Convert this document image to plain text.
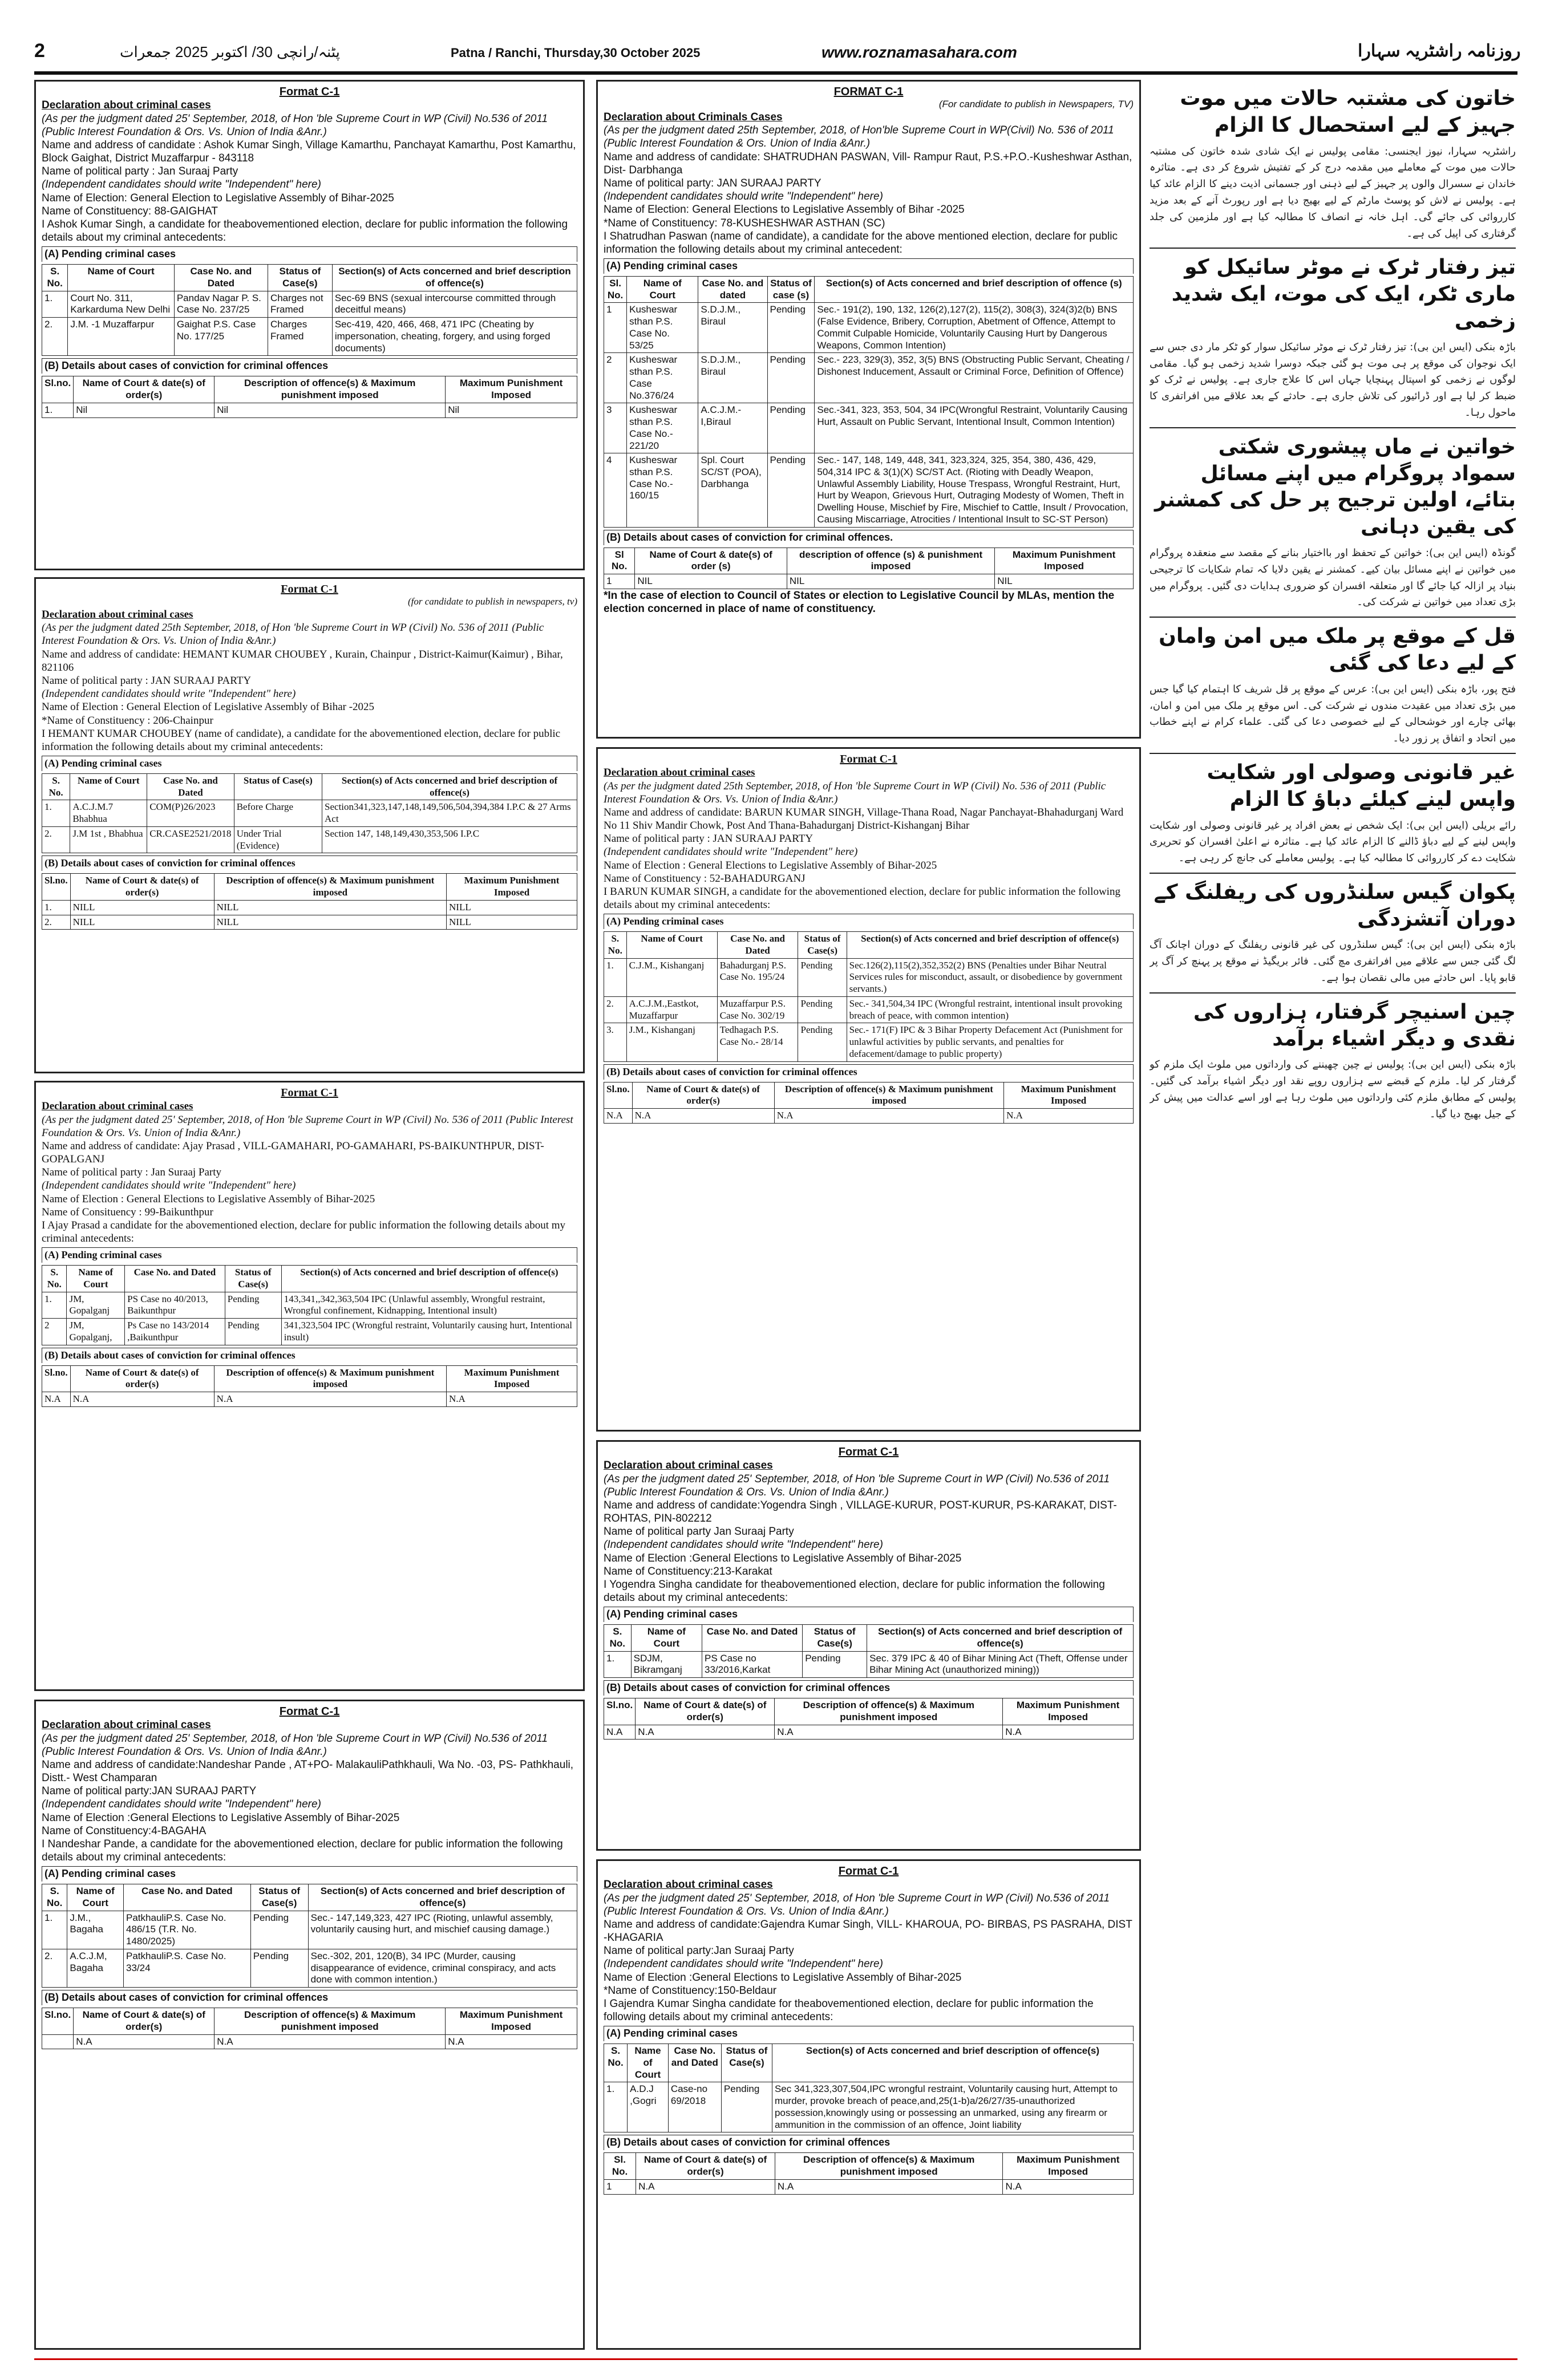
2	پٹنہ/رانچی 30/ اکتوبر 2025 جمعرات	Patna / Ranchi, Thursday,30 October 2025	www.roznamasahara.com	روزنامہ راشٹریہ سہارا
Format C-1

Declaration about criminal cases

(As per the judgment dated 25' September, 2018, of Hon 'ble Supreme Court in WP (Civil) No.536 of 2011 (Public Interest Foundation & Ors. Vs. Union of India &Anr.)

Name and address of candidate : Ashok Kumar Singh, Village Kamarthu, Panchayat Kamarthu, Post Kamarthu, Block Gaighat, District Muzaffarpur - 843118

Name of political party : Jan Suraaj Party

(Independent candidates should write "Independent" here)

Name of Election: General Election to Legislative Assembly of Bihar-2025

Name of Constituency: 88-GAIGHAT

I Ashok Kumar Singh, a candidate for theabovementioned election, declare for public information the following details about my criminal antecedents:

(A) Pending criminal cases
S. No.	Name of Court	Case No. and Dated	Status of Case(s)	Section(s) of Acts concerned and brief description of offence(s)
1.	Court No. 311, Karkarduma New Delhi	Pandav Nagar P. S. Case No. 237/25	Charges not Framed	Sec-69 BNS (sexual intercourse committed through deceitful means)
2.	J.M. -1 Muzaffarpur	Gaighat P.S. Case No. 177/25	Charges Framed	Sec-419, 420, 466, 468, 471 IPC (Cheating by impersonation, cheating, forgery, and using forged documents)
(B) Details about cases of conviction for criminal offences
Sl.no.	Name of Court & date(s) of order(s)	Description of offence(s) & Maximum punishment imposed	Maximum Punishment Imposed
1.	Nil	Nil	Nil
Format C-1
(for candidate to publish in newspapers, tv)

Declaration about criminal cases

(As per the judgment dated 25th September, 2018, of Hon 'ble Supreme Court in WP (Civil) No. 536 of 2011 (Public Interest Foundation & Ors. Vs. Union of India &Anr.)

Name and address of candidate: HEMANT KUMAR CHOUBEY , Kurain, Chainpur , District-Kaimur(Kaimur) , Bihar, 821106

Name of political party : JAN SURAAJ PARTY

(Independent candidates should write "Independent" here)

Name of Election : General Election of Legislative Assembly of Bihar -2025

*Name of Constituency : 206-Chainpur

I HEMANT KUMAR CHOUBEY (name of candidate), a candidate for the abovementioned election, declare for public information the following details about my criminal antecedents:

(A) Pending criminal cases
S. No.	Name of Court	Case No. and Dated	Status of Case(s)	Section(s) of Acts concerned and brief description of offence(s)
1.	A.C.J.M.7 Bhabhua	COM(P)26/2023	Before Charge	Section341,323,147,148,149,506,504,394,384 I.P.C & 27 Arms Act
2.	J.M 1st , Bhabhua	CR.CASE2521/2018	Under Trial (Evidence)	Section 147, 148,149,430,353,506 I.P.C
(B) Details about cases of conviction for criminal offences
Sl.no.	Name of Court & date(s) of order(s)	Description of offence(s) & Maximum punishment imposed	Maximum Punishment Imposed
1.	NILL	NILL	NILL
2.	NILL	NILL	NILL
Format C-1

Declaration about criminal cases

(As per the judgment dated 25' September, 2018, of Hon 'ble Supreme Court in WP (Civil) No. 536 of 2011 (Public Interest Foundation & Ors. Vs. Union of India &Anr.)

Name and address of candidate: Ajay Prasad , VILL-GAMAHARI, PO-GAMAHARI, PS-BAIKUNTHPUR, DIST-GOPALGANJ

Name of political party : Jan Suraaj Party

(Independent candidates should write "Independent" here)

Name of Election : General Elections to Legislative Assembly of Bihar-2025

Name of Consituency : 99-Baikunthpur

I Ajay Prasad a candidate for the abovementioned election, declare for public information the following details about my criminal antecedents:

(A) Pending criminal cases
S. No.	Name of Court	Case No. and Dated	Status of Case(s)	Section(s) of Acts concerned and brief description of offence(s)
1.	JM, Gopalganj	PS Case no 40/2013, Baikunthpur	Pending	143,341,,342,363,504 IPC (Unlawful assembly, Wrongful restraint, Wrongful confinement, Kidnapping, Intentional insult)
2	JM, Gopalganj,	Ps Case no 143/2014 ,Baikunthpur	Pending	341,323,504 IPC (Wrongful restraint, Voluntarily causing hurt, Intentional insult)
(B) Details about cases of conviction for criminal offences
Sl.no.	Name of Court & date(s) of order(s)	Description of offence(s) & Maximum punishment imposed	Maximum Punishment Imposed
N.A	N.A	N.A	N.A
Format C-1

Declaration about criminal cases

(As per the judgment dated 25' September, 2018, of Hon 'ble Supreme Court in WP (Civil) No.536 of 2011 (Public Interest Foundation & Ors. Vs. Union of India &Anr.)

Name and address of candidate:Nandeshar Pande , AT+PO- MalakauliPathkhauli, Wa No. -03, PS- Pathkhauli, Distt.- West Champaran

Name of political party:JAN SURAAJ PARTY

(Independent candidates should write "Independent" here)

Name of Election :General Elections to Legislative Assembly of Bihar-2025

Name of Constituency:4-BAGAHA

I Nandeshar Pande, a candidate for the abovementioned election, declare for public information the following details about my criminal antecedents:

(A) Pending criminal cases
S. No.	Name of Court	Case No. and Dated	Status of Case(s)	Section(s) of Acts concerned and brief description of offence(s)
1.	J.M., Bagaha	PatkhauliP.S. Case No. 486/15 (T.R. No. 1480/2025)	Pending	Sec.- 147,149,323, 427 IPC (Rioting, unlawful assembly, voluntarily causing hurt, and mischief causing damage.)
2.	A.C.J.M, Bagaha	PatkhauliP.S. Case No. 33/24	Pending	Sec.-302, 201, 120(B), 34 IPC (Murder, causing disappearance of evidence, criminal conspiracy, and acts done with common intention.)
(B) Details about cases of conviction for criminal offences
Sl.no.	Name of Court & date(s) of order(s)	Description of offence(s) & Maximum punishment imposed	Maximum Punishment Imposed
	N.A	N.A	N.A
FORMAT C-1
(For candidate to publish in Newspapers, TV)

Declaration about Criminals Cases

(As per the judgment dated 25th September, 2018, of Hon'ble Supreme Court in WP(Civil) No. 536 of 2011 (Public Interest Foundation & Ors. Union of India &Anr.)

Name and address of candidate: SHATRUDHAN PASWAN, Vill- Rampur Raut, P.S.+P.O.-Kusheshwar Asthan, Dist- Darbhanga

Name of political party: JAN SURAAJ PARTY

(Independent candidates should write "Independent" here)

Name of Election: General Elections to Legislative Assembly of Bihar -2025

*Name of Constituency: 78-KUSHESHWAR ASTHAN (SC)

I Shatrudhan Paswan (name of candidate), a candidate for the above mentioned election, declare for public information the following details about my criminal antecedent:

(A) Pending criminal cases
Sl. No.	Name of Court	Case No. and dated	Status of case (s)	Section(s) of Acts concerned and brief description of offence (s)
1	Kusheswar sthan P.S. Case No. 53/25	S.D.J.M., Biraul	Pending	Sec.- 191(2), 190, 132, 126(2),127(2), 115(2), 308(3), 324(3)2(b) BNS (False Evidence, Bribery, Corruption, Abetment of Offence, Attempt to Commit Culpable Homicide, Voluntarily Causing Hurt by Dangerous Weapons, Common Intention)
2	Kusheswar sthan P.S. Case No.376/24	S.D.J.M., Biraul	Pending	Sec.- 223, 329(3), 352, 3(5) BNS (Obstructing Public Servant, Cheating / Dishonest Inducement, Assault or Criminal Force, Definition of Offence)
3	Kusheswar sthan P.S. Case No.- 221/20	A.C.J.M.- I,Biraul	Pending	Sec.-341, 323, 353, 504, 34 IPC(Wrongful Restraint, Voluntarily Causing Hurt, Assault on Public Servant, Intentional Insult, Common Intention)
4	Kusheswar sthan P.S. Case No.- 160/15	Spl. Court SC/ST (POA), Darbhanga	Pending	Sec.- 147, 148, 149, 448, 341, 323,324, 325, 354, 380, 436, 429, 504,314 IPC & 3(1)(X) SC/ST Act. (Rioting with Deadly Weapon, Unlawful Assembly Liability, House Trespass, Wrongful Restraint, Hurt, Hurt by Weapon, Grievous Hurt, Outraging Modesty of Women, Theft in Dwelling House, Mischief by Fire, Mischief to Cattle, Insult / Provocation, Causing Miscarriage, Atrocities / Intentional Insult to SC-ST Person)
(B) Details about cases of conviction for criminal offences.
Sl No.	Name of Court & date(s) of order (s)	description of offence (s) & punishment imposed	Maximum Punishment Imposed
1	NIL	NIL	NIL

*In the case of election to Council of States or election to Legislative Council by MLAs, mention the election concerned in place of name of constituency.

Format C-1

Declaration about criminal cases

(As per the judgment dated 25th September, 2018, of Hon 'ble Supreme Court in WP (Civil) No. 536 of 2011 (Public Interest Foundation & Ors. Vs. Union of India &Anr.)

Name and address of candidate: BARUN KUMAR SINGH, Village-Thana Road, Nagar Panchayat-Bhahadurganj Ward No 11 Shiv Mandir Chowk, Post And Thana-Bahadurganj District-Kishanganj Bihar

Name of political party : JAN SURAAJ PARTY

(Independent candidates should write "Independent" here)

Name of Election : General Elections to Legislative Assembly of Bihar-2025

Name of Constituency : 52-BAHADURGANJ

I BARUN KUMAR SINGH, a candidate for the abovementioned election, declare for public information the following details about my criminal antecedents:

(A) Pending criminal cases
S. No.	Name of Court	Case No. and Dated	Status of Case(s)	Section(s) of Acts concerned and brief description of offence(s)
1.	C.J.M., Kishanganj	Bahadurganj P.S. Case No. 195/24	Pending	Sec.126(2),115(2),352,352(2) BNS (Penalties under Bihar Neutral Services rules for misconduct, assault, or disobedience by government servants.)
2.	A.C.J.M.,Eastkot, Muzaffarpur	Muzaffarpur P.S. Case No. 302/19	Pending	Sec.- 341,504,34 IPC (Wrongful restraint, intentional insult provoking breach of peace, with common intention)
3.	J.M., Kishanganj	Tedhagach P.S. Case No.- 28/14	Pending	Sec.- 171(F) IPC & 3 Bihar Property Defacement Act (Punishment for unlawful activities by public servants, and penalties for defacement/damage to public property)
(B) Details about cases of conviction for criminal offences
Sl.no.	Name of Court & date(s) of order(s)	Description of offence(s) & Maximum punishment imposed	Maximum Punishment Imposed
N.A	N.A	N.A	N.A
Format C-1

Declaration about criminal cases

(As per the judgment dated 25' September, 2018, of Hon 'ble Supreme Court in WP (Civil) No.536 of 2011 (Public Interest Foundation & Ors. Vs. Union of India &Anr.)

Name and address of candidate:Yogendra Singh , VILLAGE-KURUR, POST-KURUR, PS-KARAKAT, DIST-ROHTAS, PIN-802212

Name of political party Jan Suraaj Party

(Independent candidates should write "Independent" here)

Name of Election :General Elections to Legislative Assembly of Bihar-2025

Name of Constituency:213-Karakat

I Yogendra Singha candidate for theabovementioned election, declare for public information the following details about my criminal antecedents:

(A) Pending criminal cases
S. No.	Name of Court	Case No. and Dated	Status of Case(s)	Section(s) of Acts concerned and brief description of offence(s)
1.	SDJM, Bikramganj	PS Case no 33/2016,Karkat	Pending	Sec. 379 IPC & 40 of Bihar Mining Act (Theft, Offense under Bihar Mining Act (unauthorized mining))
(B) Details about cases of conviction for criminal offences
Sl.no.	Name of Court & date(s) of order(s)	Description of offence(s) & Maximum punishment imposed	Maximum Punishment Imposed
N.A	N.A	N.A	N.A
Format C-1

Declaration about criminal cases

(As per the judgment dated 25' September, 2018, of Hon 'ble Supreme Court in WP (Civil) No.536 of 2011 (Public Interest Foundation & Ors. Vs. Union of India &Anr.)

Name and address of candidate:Gajendra Kumar Singh, VILL- KHAROUA, PO- BIRBAS, PS PASRAHA, DIST -KHAGARIA

Name of political party:Jan Suraaj Party

(Independent candidates should write "Independent" here)

Name of Election :General Elections to Legislative Assembly of Bihar-2025

*Name of Constituency:150-Beldaur

I Gajendra Kumar Singha candidate for theabovementioned election, declare for public information the following details about my criminal antecedents:

(A) Pending criminal cases
S. No.	Name of Court	Case No. and Dated	Status of Case(s)	Section(s) of Acts concerned and brief description of offence(s)
1.	A.D.J ,Gogri	Case-no 69/2018	Pending	Sec 341,323,307,504,IPC wrongful restraint, Voluntarily causing hurt, Attempt to murder, provoke breach of peace,and,25(1-b)a/26/27/35-unauthorized possession,knowingly using or possessing an unmarked, using any firearm or ammunition in the commission of an offence, Joint liability
(B) Details about cases of conviction for criminal offences
Sl. No.	Name of Court & date(s) of order(s)	Description of offence(s) & Maximum punishment imposed	Maximum Punishment Imposed
1	N.A	N.A	N.A
خاتون کی مشتبہ حالات میں موت جہیز کے لیے استحصال کا الزام
راشٹریہ سہارا، نیوز ایجنسی: مقامی پولیس نے ایک شادی شدہ خاتون کی مشتبہ حالات میں موت کے معاملے میں مقدمہ درج کر کے تفتیش شروع کر دی ہے۔ متاثرہ خاندان نے سسرال والوں پر جہیز کے لیے ذہنی اور جسمانی اذیت دینے کا الزام عائد کیا ہے۔ پولیس نے لاش کو پوسٹ مارٹم کے لیے بھیج دیا ہے اور رپورٹ آنے کے بعد مزید کارروائی کی جائے گی۔ اہل خانہ نے انصاف کا مطالبہ کیا ہے اور ملزمین کی جلد گرفتاری کی اپیل کی ہے۔
تیز رفتار ٹرک نے موٹر سائیکل کو ماری ٹکر، ایک کی موت، ایک شدید زخمی
باڑہ بنکی (ایس این بی): تیز رفتار ٹرک نے موٹر سائیکل سوار کو ٹکر مار دی جس سے ایک نوجوان کی موقع پر ہی موت ہو گئی جبکہ دوسرا شدید زخمی ہو گیا۔ مقامی لوگوں نے زخمی کو اسپتال پہنچایا جہاں اس کا علاج جاری ہے۔ پولیس نے ٹرک کو ضبط کر لیا ہے اور ڈرائیور کی تلاش جاری ہے۔ حادثے کے بعد علاقے میں افراتفری کا ماحول رہا۔
خواتین نے ماں پیشوری شکتی سمواد پروگرام میں اپنے مسائل بتائے، اولین ترجیح پر حل کی کمشنر کی یقین دہانی
گونڈہ (ایس این بی): خواتین کے تحفظ اور بااختیار بنانے کے مقصد سے منعقدہ پروگرام میں خواتین نے اپنے مسائل بیان کیے۔ کمشنر نے یقین دلایا کہ تمام شکایات کا ترجیحی بنیاد پر ازالہ کیا جائے گا اور متعلقہ افسران کو ضروری ہدایات دی گئیں۔ پروگرام میں بڑی تعداد میں خواتین نے شرکت کی۔
قل کے موقع پر ملک میں امن وامان کے لیے دعا کی گئی
فتح پور، باڑہ بنکی (ایس این بی): عرس کے موقع پر قل شریف کا اہتمام کیا گیا جس میں بڑی تعداد میں عقیدت مندوں نے شرکت کی۔ اس موقع پر ملک میں امن و امان، بھائی چارے اور خوشحالی کے لیے خصوصی دعا کی گئی۔ علماء کرام نے اپنے خطاب میں اتحاد و اتفاق پر زور دیا۔
غیر قانونی وصولی اور شکایت واپس لینے کیلئے دباؤ کا الزام
رائے بریلی (ایس این بی): ایک شخص نے بعض افراد پر غیر قانونی وصولی اور شکایت واپس لینے کے لیے دباؤ ڈالنے کا الزام عائد کیا ہے۔ متاثرہ نے اعلیٰ افسران کو تحریری شکایت دے کر کارروائی کا مطالبہ کیا ہے۔ پولیس معاملے کی جانچ کر رہی ہے۔
پکوان گیس سلنڈروں کی ریفلنگ کے دوران آتشزدگی
باڑہ بنکی (ایس این بی): گیس سلنڈروں کی غیر قانونی ریفلنگ کے دوران اچانک آگ لگ گئی جس سے علاقے میں افراتفری مچ گئی۔ فائر بریگیڈ نے موقع پر پہنچ کر آگ پر قابو پایا۔ اس حادثے میں مالی نقصان ہوا ہے۔
چین اسنیچر گرفتار، ہزاروں کی نقدی و دیگر اشیاء برآمد
باڑہ بنکی (ایس این بی): پولیس نے چین چھیننے کی وارداتوں میں ملوث ایک ملزم کو گرفتار کر لیا۔ ملزم کے قبضے سے ہزاروں روپے نقد اور دیگر اشیاء برآمد کی گئیں۔ پولیس کے مطابق ملزم کئی وارداتوں میں ملوث رہا ہے اور اسے عدالت میں پیش کر کے جیل بھیج دیا گیا۔
